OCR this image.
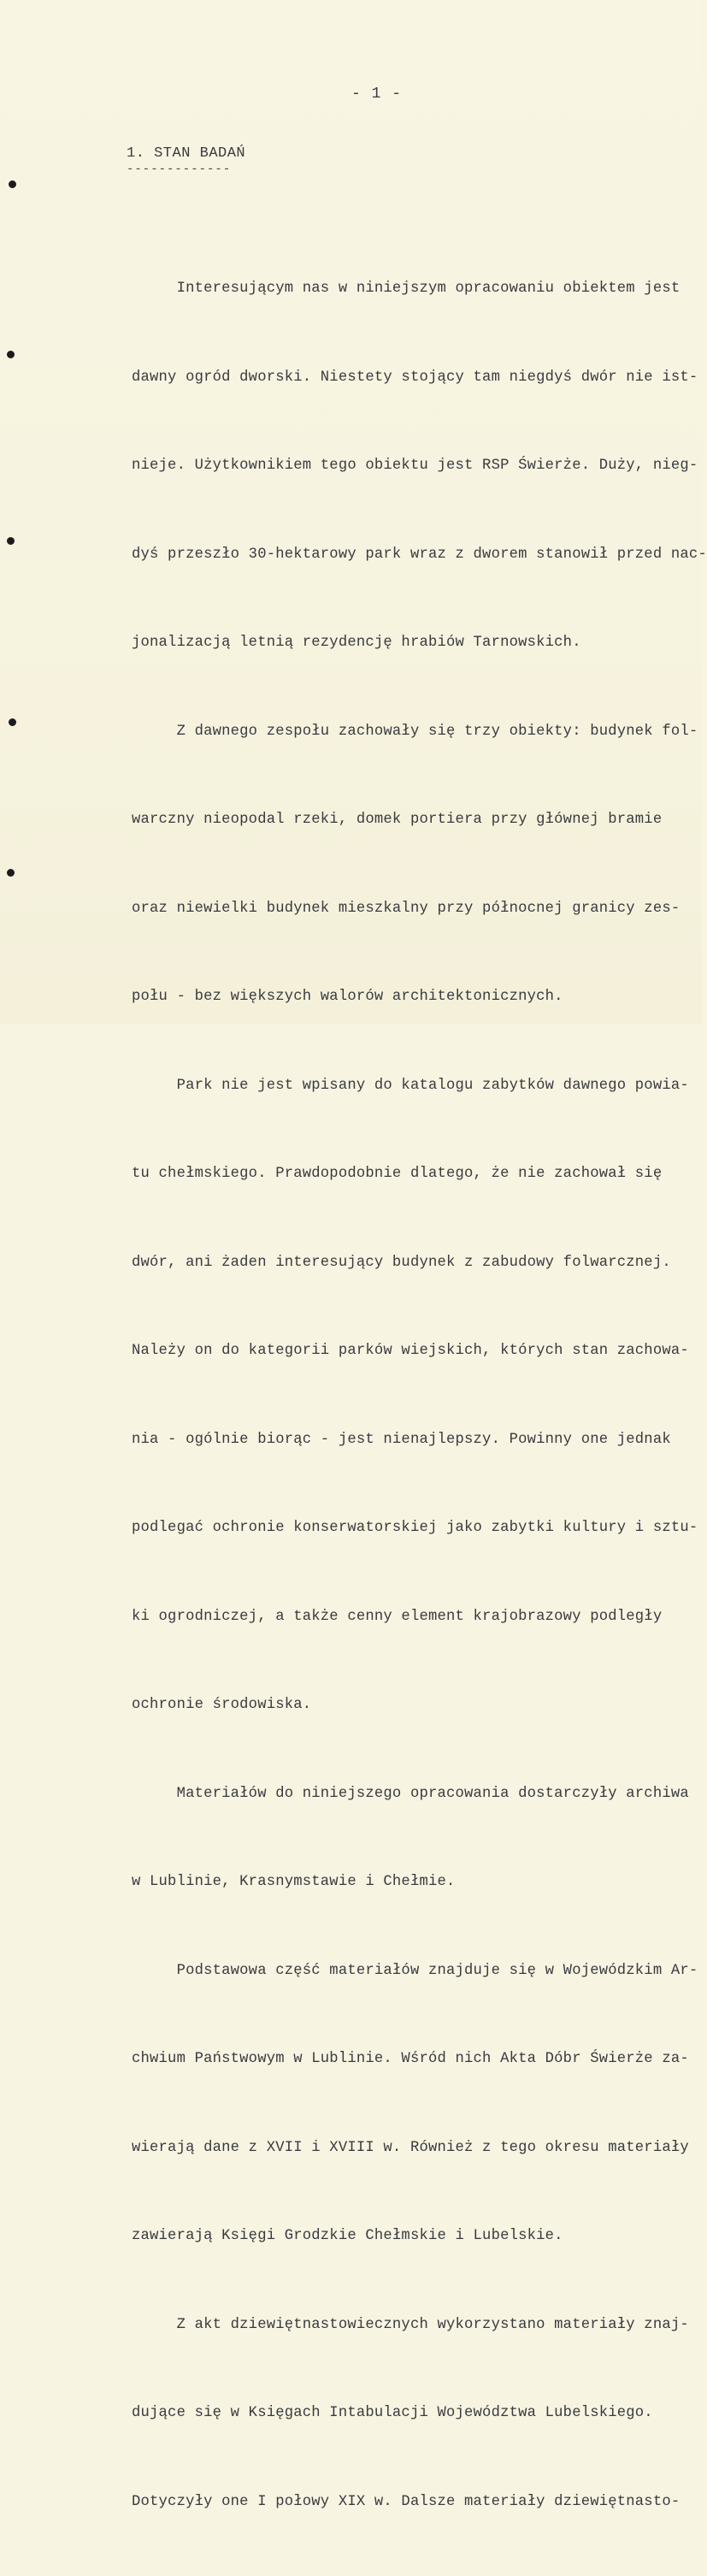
- 1 -
1. STAN BADAŃ
-------------

Interesującym nas w niniejszym opracowaniu obiektem jest

dawny ogród dworski. Niestety stojący tam niegdyś dwór nie ist-

nieje. Użytkownikiem tego obiektu jest RSP Świerże. Duży, nieg-

dyś przeszło 30-hektarowy park wraz z dworem stanowił przed nac-

jonalizacją letnią rezydencję hrabiów Tarnowskich.

Z dawnego zespołu zachowały się trzy obiekty: budynek fol-

warczny nieopodal rzeki, domek portiera przy głównej bramie

oraz niewielki budynek mieszkalny przy północnej granicy zes-

połu - bez większych walorów architektonicznych.

Park nie jest wpisany do katalogu zabytków dawnego powia-

tu chełmskiego. Prawdopodobnie dlatego, że nie zachował się

dwór, ani żaden interesujący budynek z zabudowy folwarcznej.

Należy on do kategorii parków wiejskich, których stan zachowa-

nia - ogólnie biorąc - jest nienajlepszy. Powinny one jednak

podlegać ochronie konserwatorskiej jako zabytki kultury i sztu-

ki ogrodniczej, a także cenny element krajobrazowy podległy

ochronie środowiska.

Materiałów do niniejszego opracowania dostarczyły archiwa

w Lublinie, Krasnymstawie i Chełmie.

Podstawowa część materiałów znajduje się w Wojewódzkim Ar-

chwium Państwowym w Lublinie. Wśród nich Akta Dóbr Świerże za-

wierają dane z XVII i XVIII w. Również z tego okresu materiały

zawierają Księgi Grodzkie Chełmskie i Lubelskie.

Z akt dziewiętnastowiecznych wykorzystano materiały znaj-

dujące się w Księgach Intabulacji Województwa Lubelskiego.

Dotyczyły one I połowy XIX w. Dalsze materiały dziewiętnasto-
